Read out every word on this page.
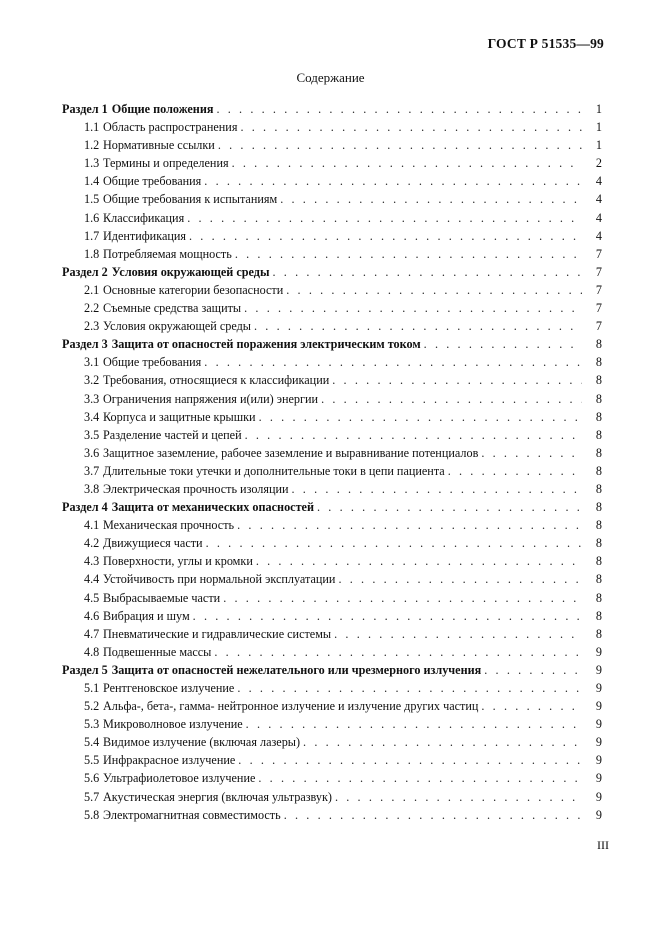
ГОСТ Р 51535—99
Содержание
Раздел 1 Общие положения . . .	1
1.1 Область распространения . . .	1
1.2 Нормативные ссылки . . .	1
1.3 Термины и определения . . .	2
1.4 Общие требования . . .	4
1.5 Общие требования к испытаниям . . .	4
1.6 Классификация . . .	4
1.7 Идентификация . . .	4
1.8 Потребляемая мощность . . .	7
Раздел 2 Условия окружающей среды . . .	7
2.1 Основные категории безопасности . . .	7
2.2 Съемные средства защиты . . .	7
2.3 Условия окружающей среды . . .	7
Раздел 3 Защита от опасностей поражения электрическим током . . .	8
3.1 Общие требования . . .	8
3.2 Требования, относящиеся к классификации . . .	8
3.3 Ограничения напряжения и(или) энергии . . .	8
3.4 Корпуса и защитные крышки . . .	8
3.5 Разделение частей и цепей . . .	8
3.6 Защитное заземление, рабочее заземление и выравнивание потенциалов . . .	8
3.7 Длительные токи утечки и дополнительные токи в цепи пациента . . .	8
3.8 Электрическая прочность изоляции . . .	8
Раздел 4 Защита от механических опасностей . . .	8
4.1 Механическая прочность . . .	8
4.2 Движущиеся части . . .	8
4.3 Поверхности, углы и кромки . . .	8
4.4 Устойчивость при нормальной эксплуатации . . .	8
4.5 Выбрасываемые части . . .	8
4.6 Вибрация и шум . . .	8
4.7 Пневматические и гидравлические системы . . .	8
4.8 Подвешенные массы . . .	9
Раздел 5 Защита от опасностей нежелательного или чрезмерного излучения . . .	9
5.1 Рентгеновское излучение . . .	9
5.2 Альфа-, бета-, гамма- нейтронное излучение и излучение других частиц . . .	9
5.3 Микроволновое излучение . . .	9
5.4 Видимое излучение (включая лазеры) . . .	9
5.5 Инфракрасное излучение . . .	9
5.6 Ультрафиолетовое излучение . . .	9
5.7 Акустическая энергия (включая ультразвук) . . .	9
5.8 Электромагнитная совместимость . . .	9
III
